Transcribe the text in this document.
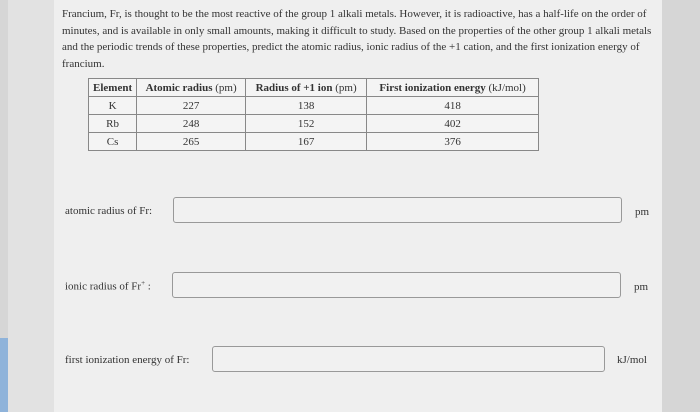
Francium, Fr, is thought to be the most reactive of the group 1 alkali metals. However, it is radioactive, has a half-life on the order of minutes, and is available in only small amounts, making it difficult to study. Based on the properties of the other group 1 alkali metals and the periodic trends of these properties, predict the atomic radius, ionic radius of the +1 cation, and the first ionization energy of francium.
Element	Atomic radius (pm)	Radius of +1 ion (pm)	First ionization energy (kJ/mol)
K	227	138	418
Rb	248	152	402
Cs	265	167	376
atomic radius of Fr:	pm
ionic radius of Fr+ :	pm
first ionization energy of Fr:	kJ/mol
